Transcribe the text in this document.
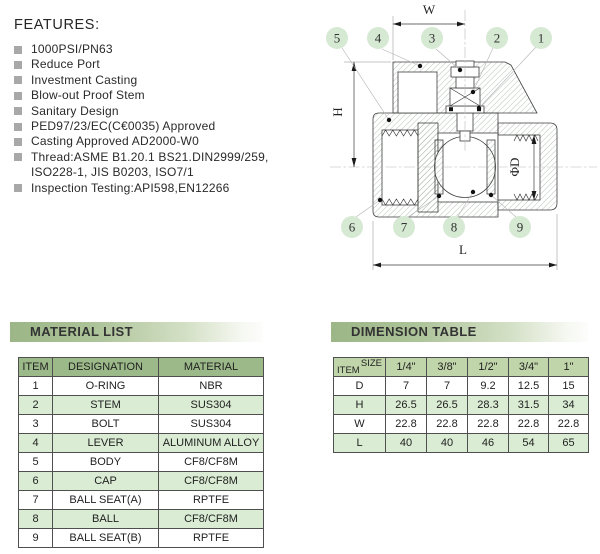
FEATURES:
1000PSI/PN63
Reduce Port
Investment Casting
Blow-out Proof Stem
Sanitary Design
PED97/23/EC(C€0035) Approved
Casting Approved AD2000-W0
Thread:ASME B1.20.1 BS21.DIN2999/259,
ISO228-1, JIS B0203, ISO7/1
Inspection Testing:API598,EN12266
W
H
ΦD
L
5	4	3	2	1
6	7	8	9
MATERIAL LIST	DIMENSION TABLE
ITEM	DESIGNATION	MATERIAL
1	O-RING	NBR
2	STEM	SUS304
3	BOLT	SUS304
4	LEVER	ALUMINUM ALLOY
5	BODY	CF8/CF8M
6	CAP	CF8/CF8M
7	BALL SEAT(A)	RPTFE
8	BALL	CF8/CF8M
9	BALL SEAT(B)	RPTFE
SIZE
ITEM	1/4"	3/8"	1/2"	3/4"	1"
D	7	7	9.2	12.5	15
H	26.5	26.5	28.3	31.5	34
W	22.8	22.8	22.8	22.8	22.8
L	40	40	46	54	65
